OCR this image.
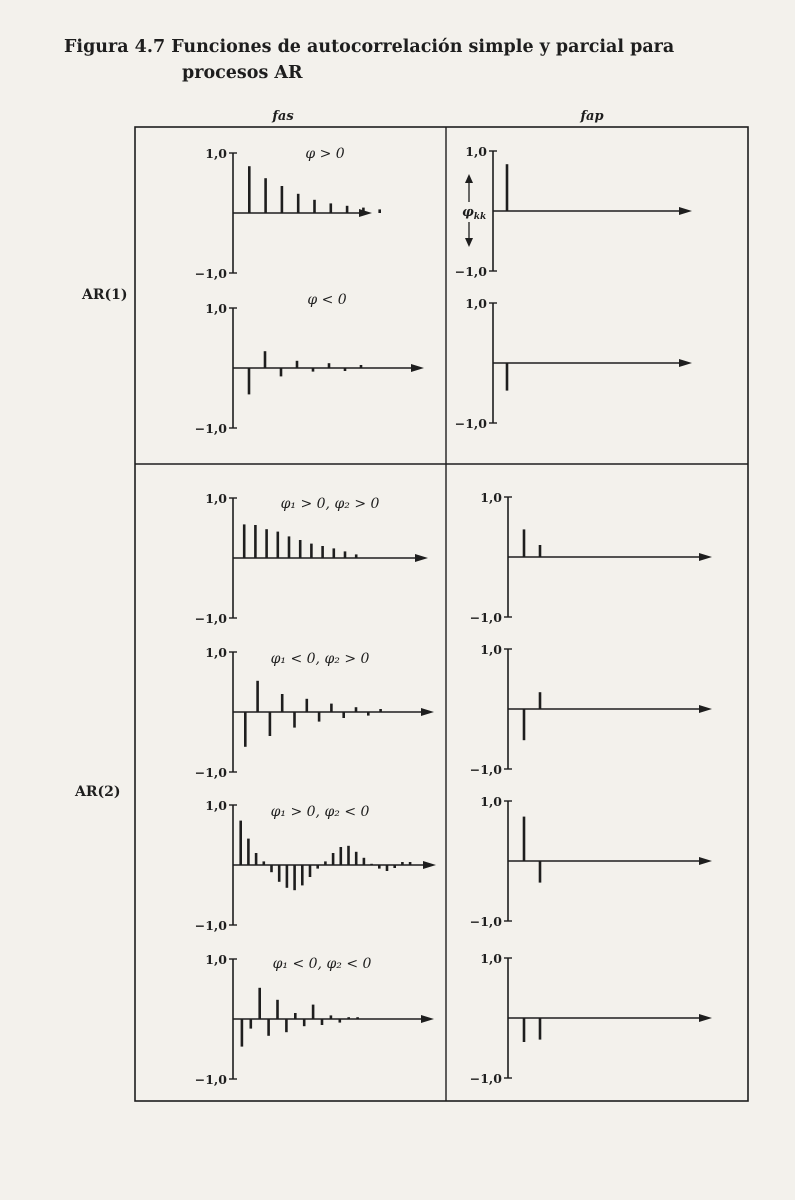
Figura 4.7 Funciones de autocorrelación simple y parcial para
procesos AR
fas	fap
AR(1)
AR(2)
1,0
−1,0
φ > 0	1,0
−1,0
1,0
−1,0
φ < 0	1,0
−1,0
1,0
−1,0
φ₁ > 0, φ₂ > 0	1,0
−1,0
1,0
−1,0
φ₁ < 0, φ₂ > 0
1,0
−1,0
1,0
−1,0
φ₁ > 0, φ₂ < 0
1,0
−1,0
1,0
−1,0
φ₁ < 0, φ₂ < 0	1,0
−1,0
$\varphi_{kk}$
